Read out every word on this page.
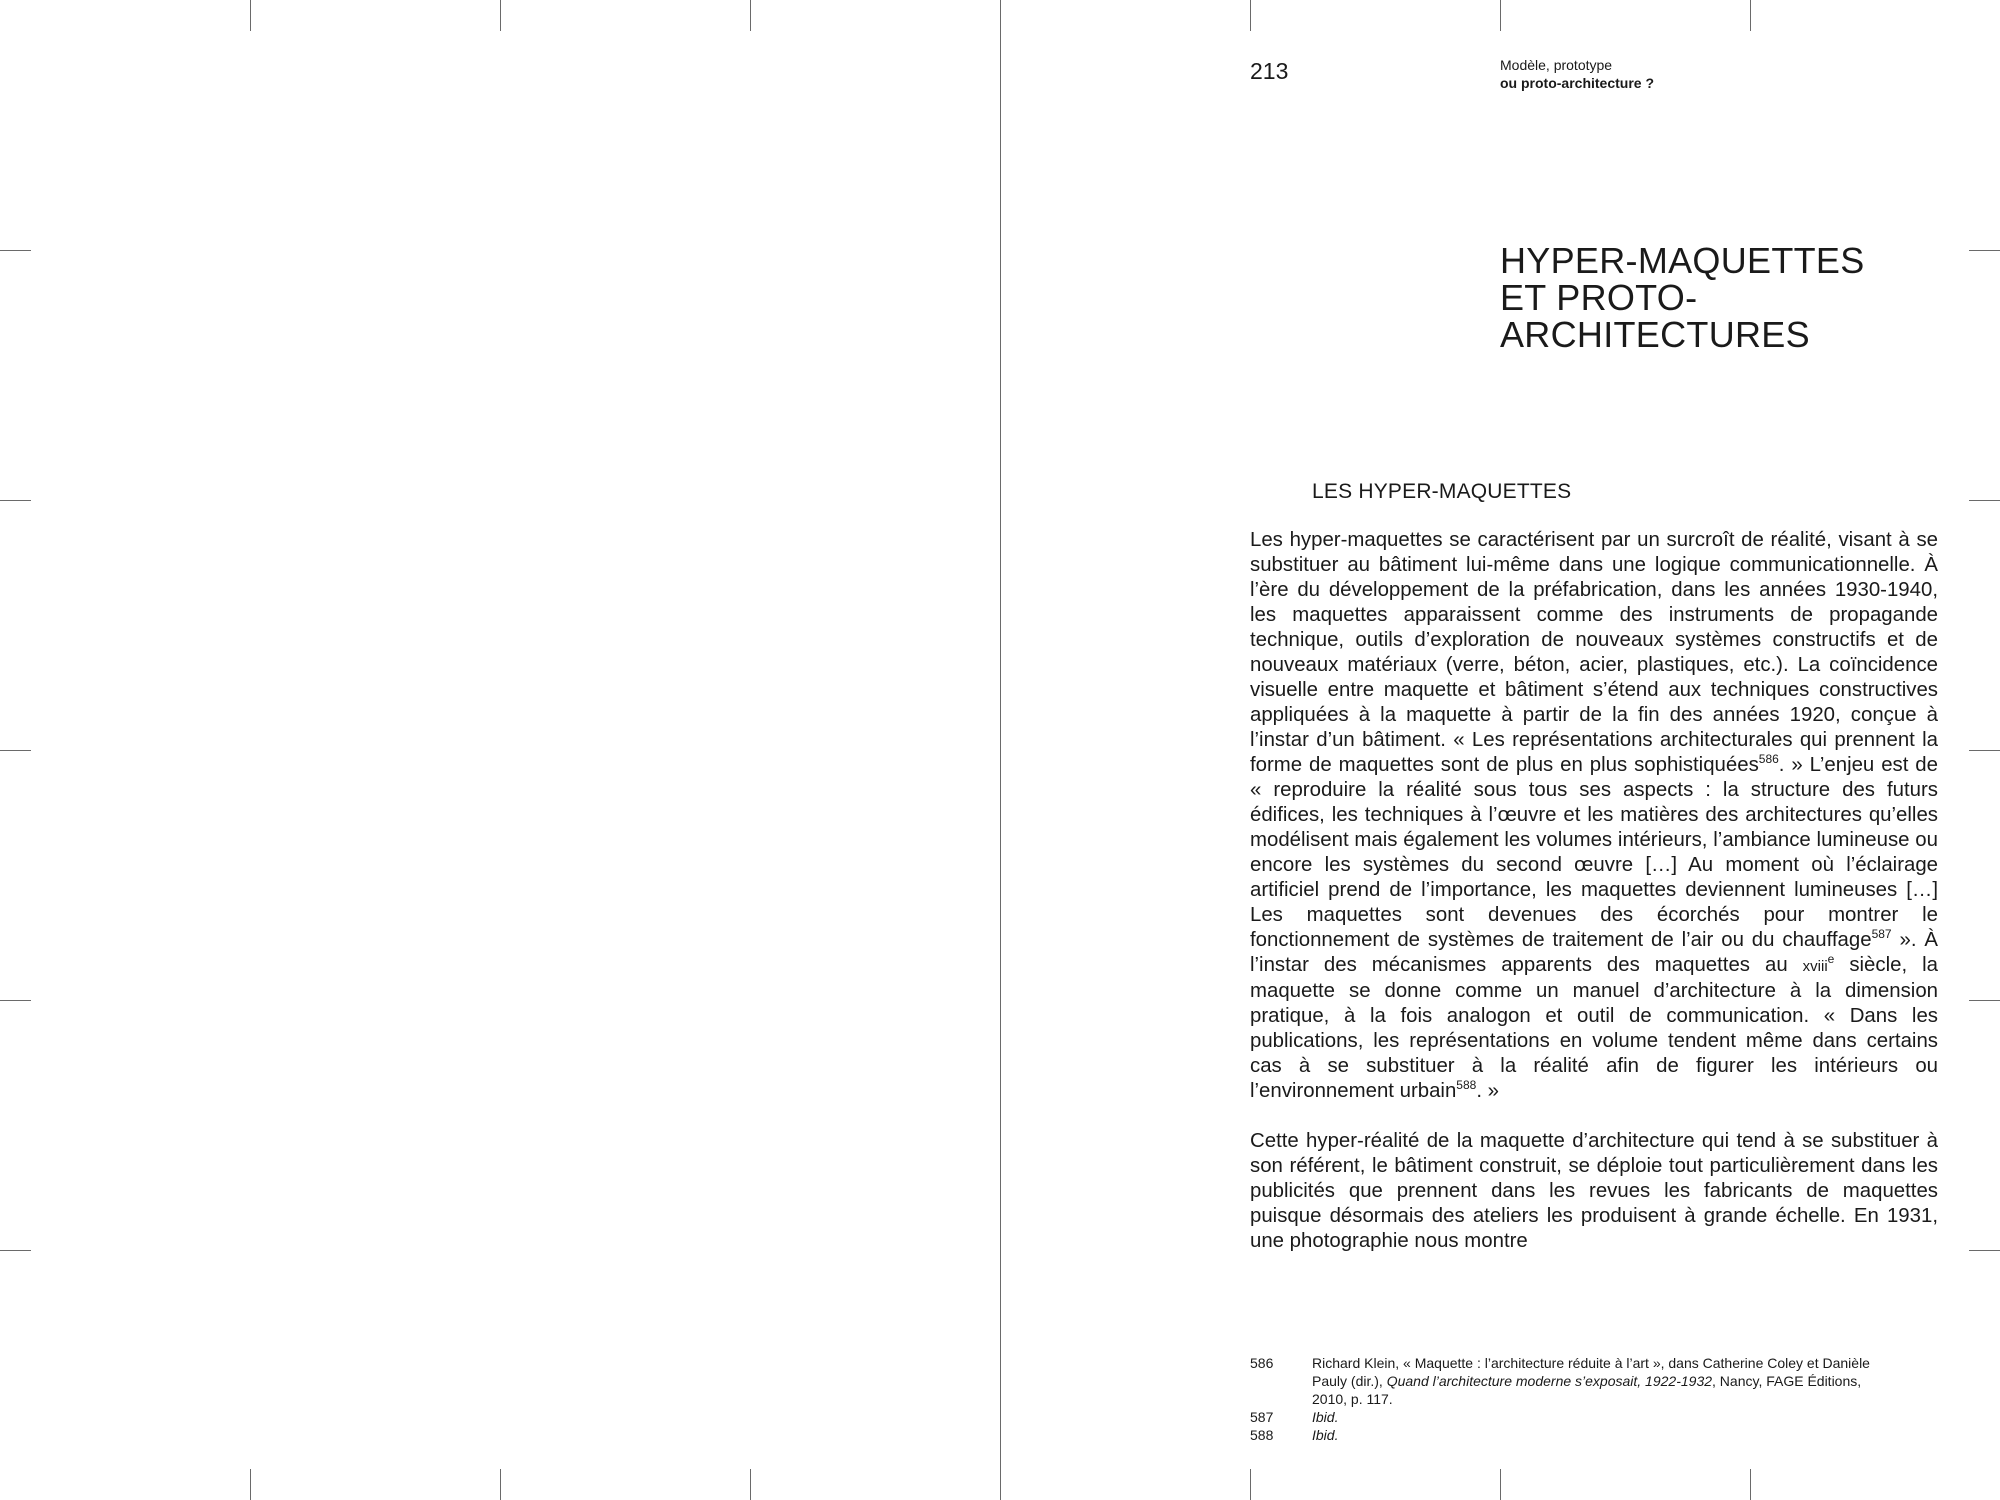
213	Modèle, prototype
ou proto-architecture ?
HYPER-MAQUETTES
ET PROTO-
ARCHITECTURES
LES HYPER-MAQUETTES

Les hyper-maquettes se caractérisent par un surcroît de réalité, visant à se substituer au bâtiment lui-même dans une logique communicationnelle. À l’ère du développement de la préfabrication, dans les années 1930-1940, les maquettes apparaissent comme des instruments de propagande technique, outils d’exploration de nouveaux systèmes constructifs et de nouveaux matériaux (verre, béton, acier, plastiques, etc.). La coïncidence visuelle entre maquette et bâtiment s’étend aux techniques constructives appliquées à la maquette à partir de la fin des années 1920, conçue à l’instar d’un bâtiment. « Les représentations architecturales qui prennent la forme de maquettes sont de plus en plus sophistiquées$^{586}$. » L’enjeu est de « reproduire la réalité sous tous ses aspects : la structure des futurs édifices, les techniques à l’œuvre et les matières des architectures qu’elles modélisent mais également les volumes intérieurs, l’ambiance lumineuse ou encore les systèmes du second œuvre […] Au moment où l’éclairage artificiel prend de l’importance, les maquettes deviennent lumineuses […] Les maquettes sont devenues des écorchés pour montrer le fonctionnement de systèmes de traitement de l’air ou du chauffage$^{587}$ ». À l’instar des mécanismes apparents des maquettes au xviii$^e$ siècle, la maquette se donne comme un manuel d’architecture à la dimension pratique, à la fois analogon et outil de communication. « Dans les publications, les représentations en volume tendent même dans certains cas à se substituer à la réalité afin de figurer les intérieurs ou l’environnement urbain$^{588}$. »

Cette hyper-réalité de la maquette d’architecture qui tend à se substituer à son référent, le bâtiment construit, se déploie tout particulièrement dans les publicités que prennent dans les revues les fabricants de maquettes puisque désormais des ateliers les produisent à grande échelle. En 1931, une photographie nous montre

586	Richard Klein, « Maquette : l’architecture réduite à l’art », dans Catherine Coley et Danièle Pauly (dir.), Quand l’architecture moderne s’exposait, 1922-1932, Nancy, FAGE Éditions, 2010, p. 117.
587	Ibid.
588	Ibid.
